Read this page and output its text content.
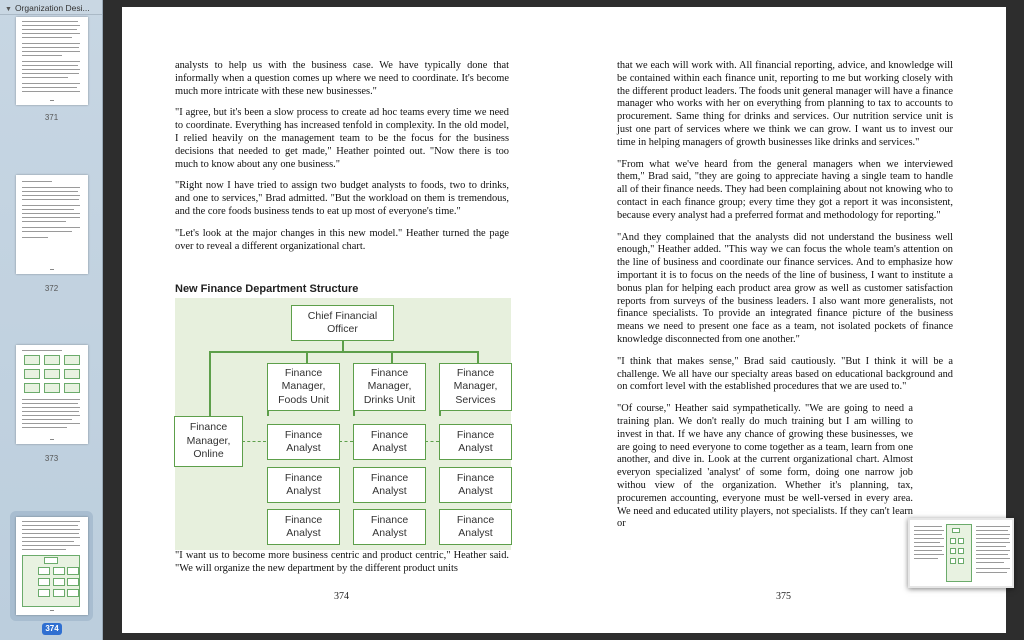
▼ Organization Desi...
371
372
373
374

analysts to help us with the business case. We have typically done that informally when a question comes up where we need to coordinate. It's become much more intricate with these new businesses."

"I agree, but it's been a slow process to create ad hoc teams every time we need to coordinate. Everything has increased tenfold in complexity. In the old model, I relied heavily on the management team to be the focus for the business decisions that needed to get made," Heather pointed out. "Now there is too much to know about any one business."

"Right now I have tried to assign two budget analysts to foods, two to drinks, and one to services," Brad admitted. "But the workload on them is tremendous, and the core foods business tends to eat up most of everyone's time."

"Let's look at the major changes in this new model." Heather turned the page over to reveal a different organizational chart.

New Finance Department Structure
Chief Financial Officer
Finance Manager, Foods Unit
Finance Manager, Drinks Unit
Finance Manager, Services
Finance Manager, Online
Finance Analyst
Finance Analyst
Finance Analyst
Finance Analyst
Finance Analyst
Finance Analyst
Finance Analyst
Finance Analyst
Finance Analyst

"I want us to become more business centric and product centric," Heather said. "We will organize the new department by the different product units

374

that we each will work with. All financial reporting, advice, and knowledge will be contained within each finance unit, reporting to me but working closely with the different product leaders. The foods unit general manager will have a finance manager who works with her on everything from planning to tax to accounts to procurement. Same thing for drinks and services. Our nutrition service unit is just one part of services where we think we can grow. I want us to invest our time in helping managers of growth businesses like drinks and services."

"From what we've heard from the general managers when we interviewed them," Brad said, "they are going to appreciate having a single team to handle all of their finance needs. They had been complaining about not knowing who to contact in each finance group; every time they got a report it was inconsistent, because every analyst had a preferred format and methodology for reporting."

"And they complained that the analysts did not understand the business well enough," Heather added. "This way we can focus the whole team's attention on the line of business and coordinate our finance services. And to emphasize how important it is to focus on the needs of the line of business, I want to institute a bonus plan for helping each product area grow as well as customer satisfaction reports from surveys of the business leaders. I also want more generalists, not finance specialists. To provide an integrated finance picture of the business means we need to present one face as a team, not isolated pockets of finance knowledge disconnected from one another."

"I think that makes sense," Brad said cautiously. "But I think it will be a challenge. We all have our specialty areas based on educational background and on comfort level with the established procedures that we are used to."

"Of course," Heather said sympathetically. "We are going to need a training plan. We don't really do much training but I am willing to invest in that. If we have any chance of growing these businesses, we are going to need everyone to come together as a team, learn from one another, and dive in. Look at the current organizational chart. Almost everyon specialized 'analyst' of some form, doing one narrow job withou view of the organization. Whether it's planning, tax, procuremen accounting, everyone must be well-versed in every area. We need and educated utility players, not specialists. If they can't learn or

375
